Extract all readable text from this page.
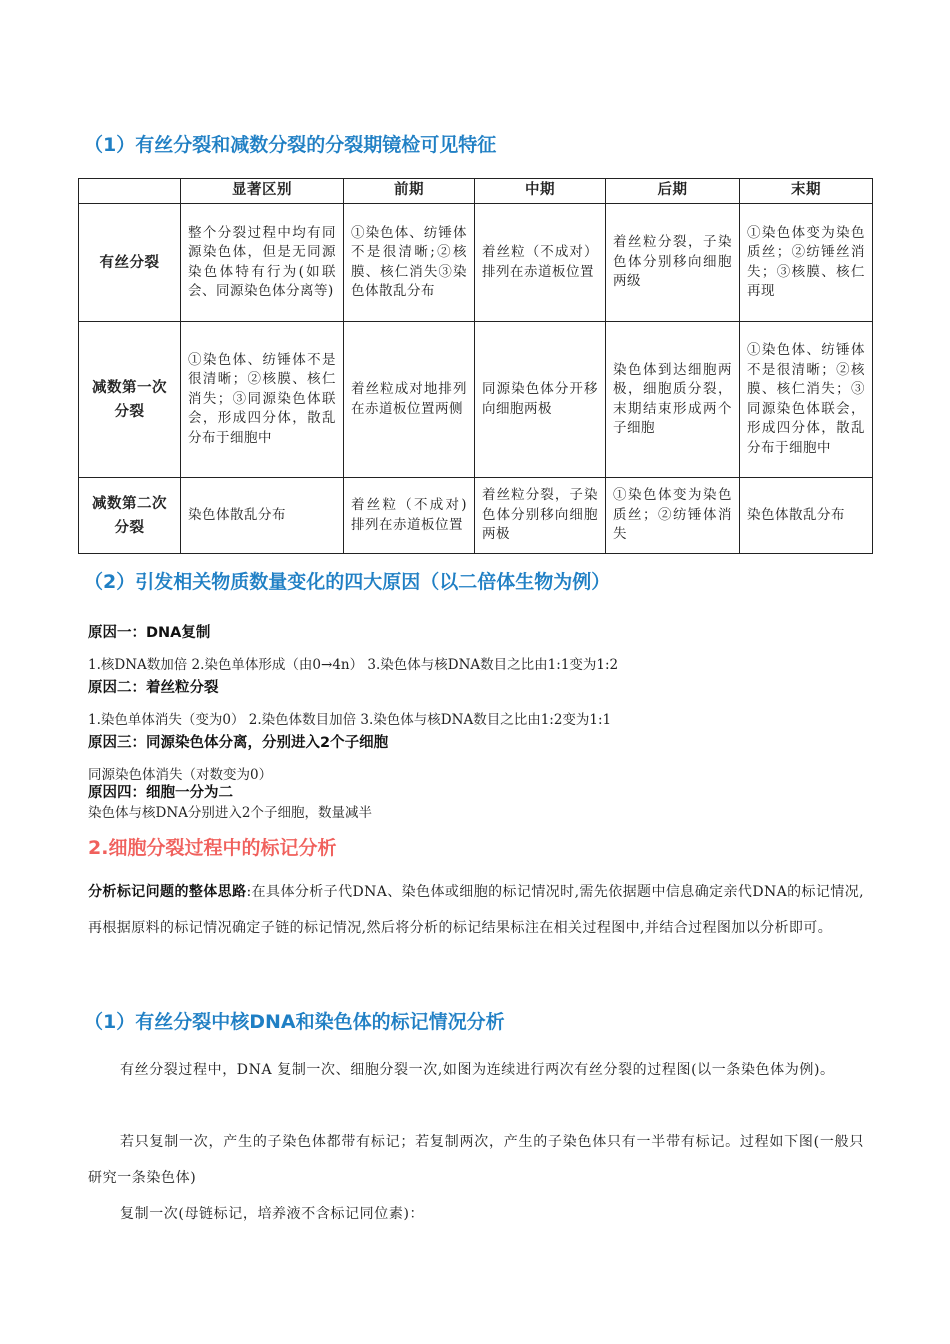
（1）有丝分裂和减数分裂的分裂期镜检可见特征
	显著区别	前期	中期	后期	末期
有丝分裂	整个分裂过程中均有同源染色体，但是无同源染色体特有行为(如联会、同源染色体分离等)	①染色体、纺锤体不是很清晰;②核膜、核仁消失③染色体散乱分布	着丝粒（不成对）排列在赤道板位置	着丝粒分裂，子染色体分别移向细胞两级	①染色体变为染色质丝；②纺锤丝消失；③核膜、核仁再现
减数第一次分裂	①染色体、纺锤体不是很清晰；②核膜、核仁消失；③同源染色体联会，形成四分体，散乱分布于细胞中	着丝粒成对地排列在赤道板位置两侧	同源染色体分开移向细胞两极	染色体到达细胞两极，细胞质分裂，末期结束形成两个子细胞	①染色体、纺锤体不是很清晰；②核膜、核仁消失；③同源染色体联会，形成四分体，散乱分布于细胞中
减数第二次分裂	染色体散乱分布	着丝粒（不成对)排列在赤道板位置	着丝粒分裂，子染色体分别移向细胞两极	①染色体变为染色质丝；②纺锤体消失	染色体散乱分布
（2）引发相关物质数量变化的四大原因（以二倍体生物为例）
原因一：DNA复制
1.核DNA数加倍 2.染色单体形成（由0→4n） 3.染色体与核DNA数目之比由1:1变为1:2
原因二：着丝粒分裂
1.染色单体消失（变为0） 2.染色体数目加倍 3.染色体与核DNA数目之比由1:2变为1:1
原因三：同源染色体分离，分别进入2个子细胞
同源染色体消失（对数变为0）
原因四：细胞一分为二
染色体与核DNA分别进入2个子细胞，数量减半
2.细胞分裂过程中的标记分析
分析标记问题的整体思路:在具体分析子代DNA、染色体或细胞的标记情况时,需先依据题中信息确定亲代DNA的标记情况,再根据原料的标记情况确定子链的标记情况,然后将分析的标记结果标注在相关过程图中,并结合过程图加以分析即可。
（1）有丝分裂中核DNA和染色体的标记情况分析
有丝分裂过程中，DNA 复制一次、细胞分裂一次,如图为连续进行两次有丝分裂的过程图(以一条染色体为例)。
若只复制一次，产生的子染色体都带有标记；若复制两次，产生的子染色体只有一半带有标记。过程如下图(一般只研究一条染色体)
复制一次(母链标记，培养液不含标记同位素)：
